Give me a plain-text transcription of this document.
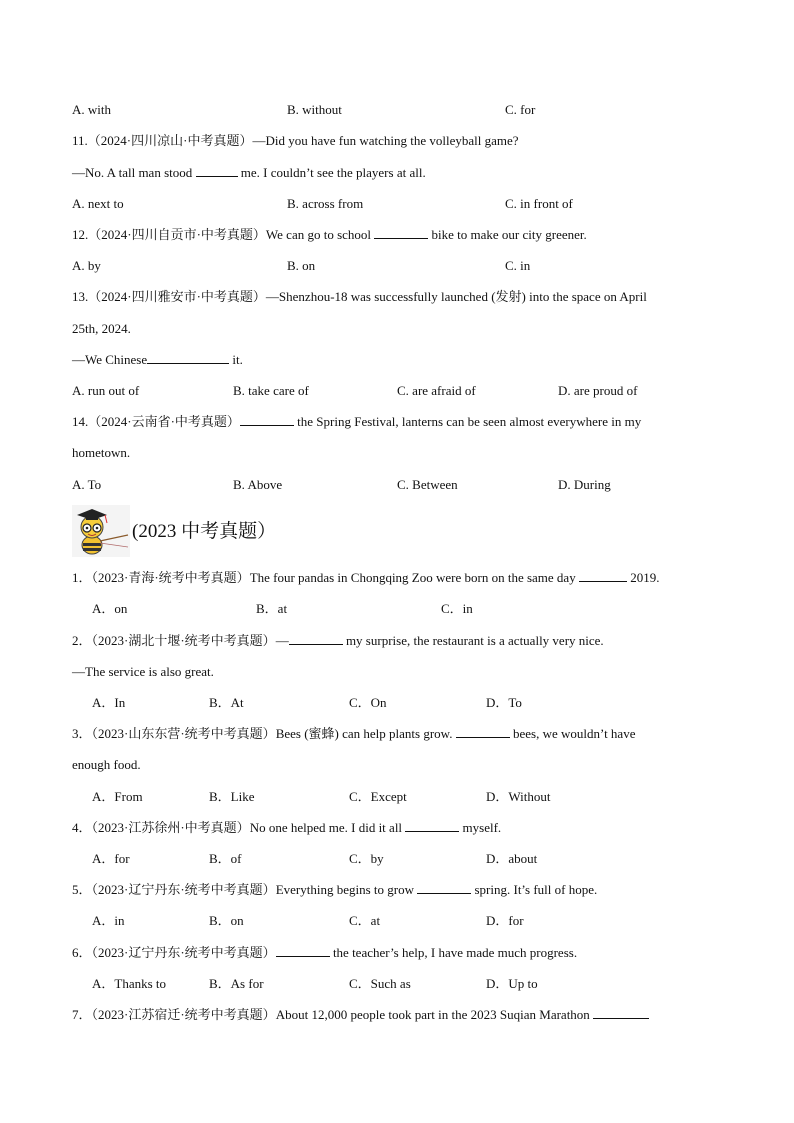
A. with	B. without	C. for
11.（2024·四川凉山·中考真题）—Did you have fun watching the volleyball game?
—No. A tall man stood	me. I couldn’t see the players at all.
A. next to	B. across from	C. in front of
12.（2024·四川自贡市·中考真题）We can go to school	bike to make our city greener.
A. by	B. on	C. in
13.（2024·四川雅安市·中考真题）—Shenzhou-18 was successfully launched (发射) into the space on April
25th, 2024.
—We Chinese	it.
A. run out of	B. take care of	C. are afraid of	D. are proud of
14.（2024·云南省·中考真题）	the Spring Festival, lanterns can be seen almost everywhere in my
hometown.
A. To	B. Above	C. Between	D. During
(2023 中考真题）
1．（2023·青海·统考中考真题）The four pandas in Chongqing Zoo were born on the same day	2019.
A．on	B．at	C．in
2．（2023·湖北十堰·统考中考真题）—	my surprise, the restaurant is a actually very nice.
—The service is also great.
A．In	B．At	C．On	D．To
3．（2023·山东东营·统考中考真题）Bees (蜜蜂) can help plants grow.	bees, we wouldn’t have
enough food.
A．From	B．Like	C．Except	D．Without
4．（2023·江苏徐州·中考真题）No one helped me. I did it all	myself.
A．for	B．of	C．by	D．about
5．（2023·辽宁丹东·统考中考真题）Everything begins to grow	spring. It’s full of hope.
A．in	B．on	C．at	D．for
6．（2023·辽宁丹东·统考中考真题）	the teacher’s help, I have made much progress.
A．Thanks to	B．As for	C．Such as	D．Up to
7．（2023·江苏宿迁·统考中考真题）About 12,000 people took part in the 2023 Suqian Marathon
